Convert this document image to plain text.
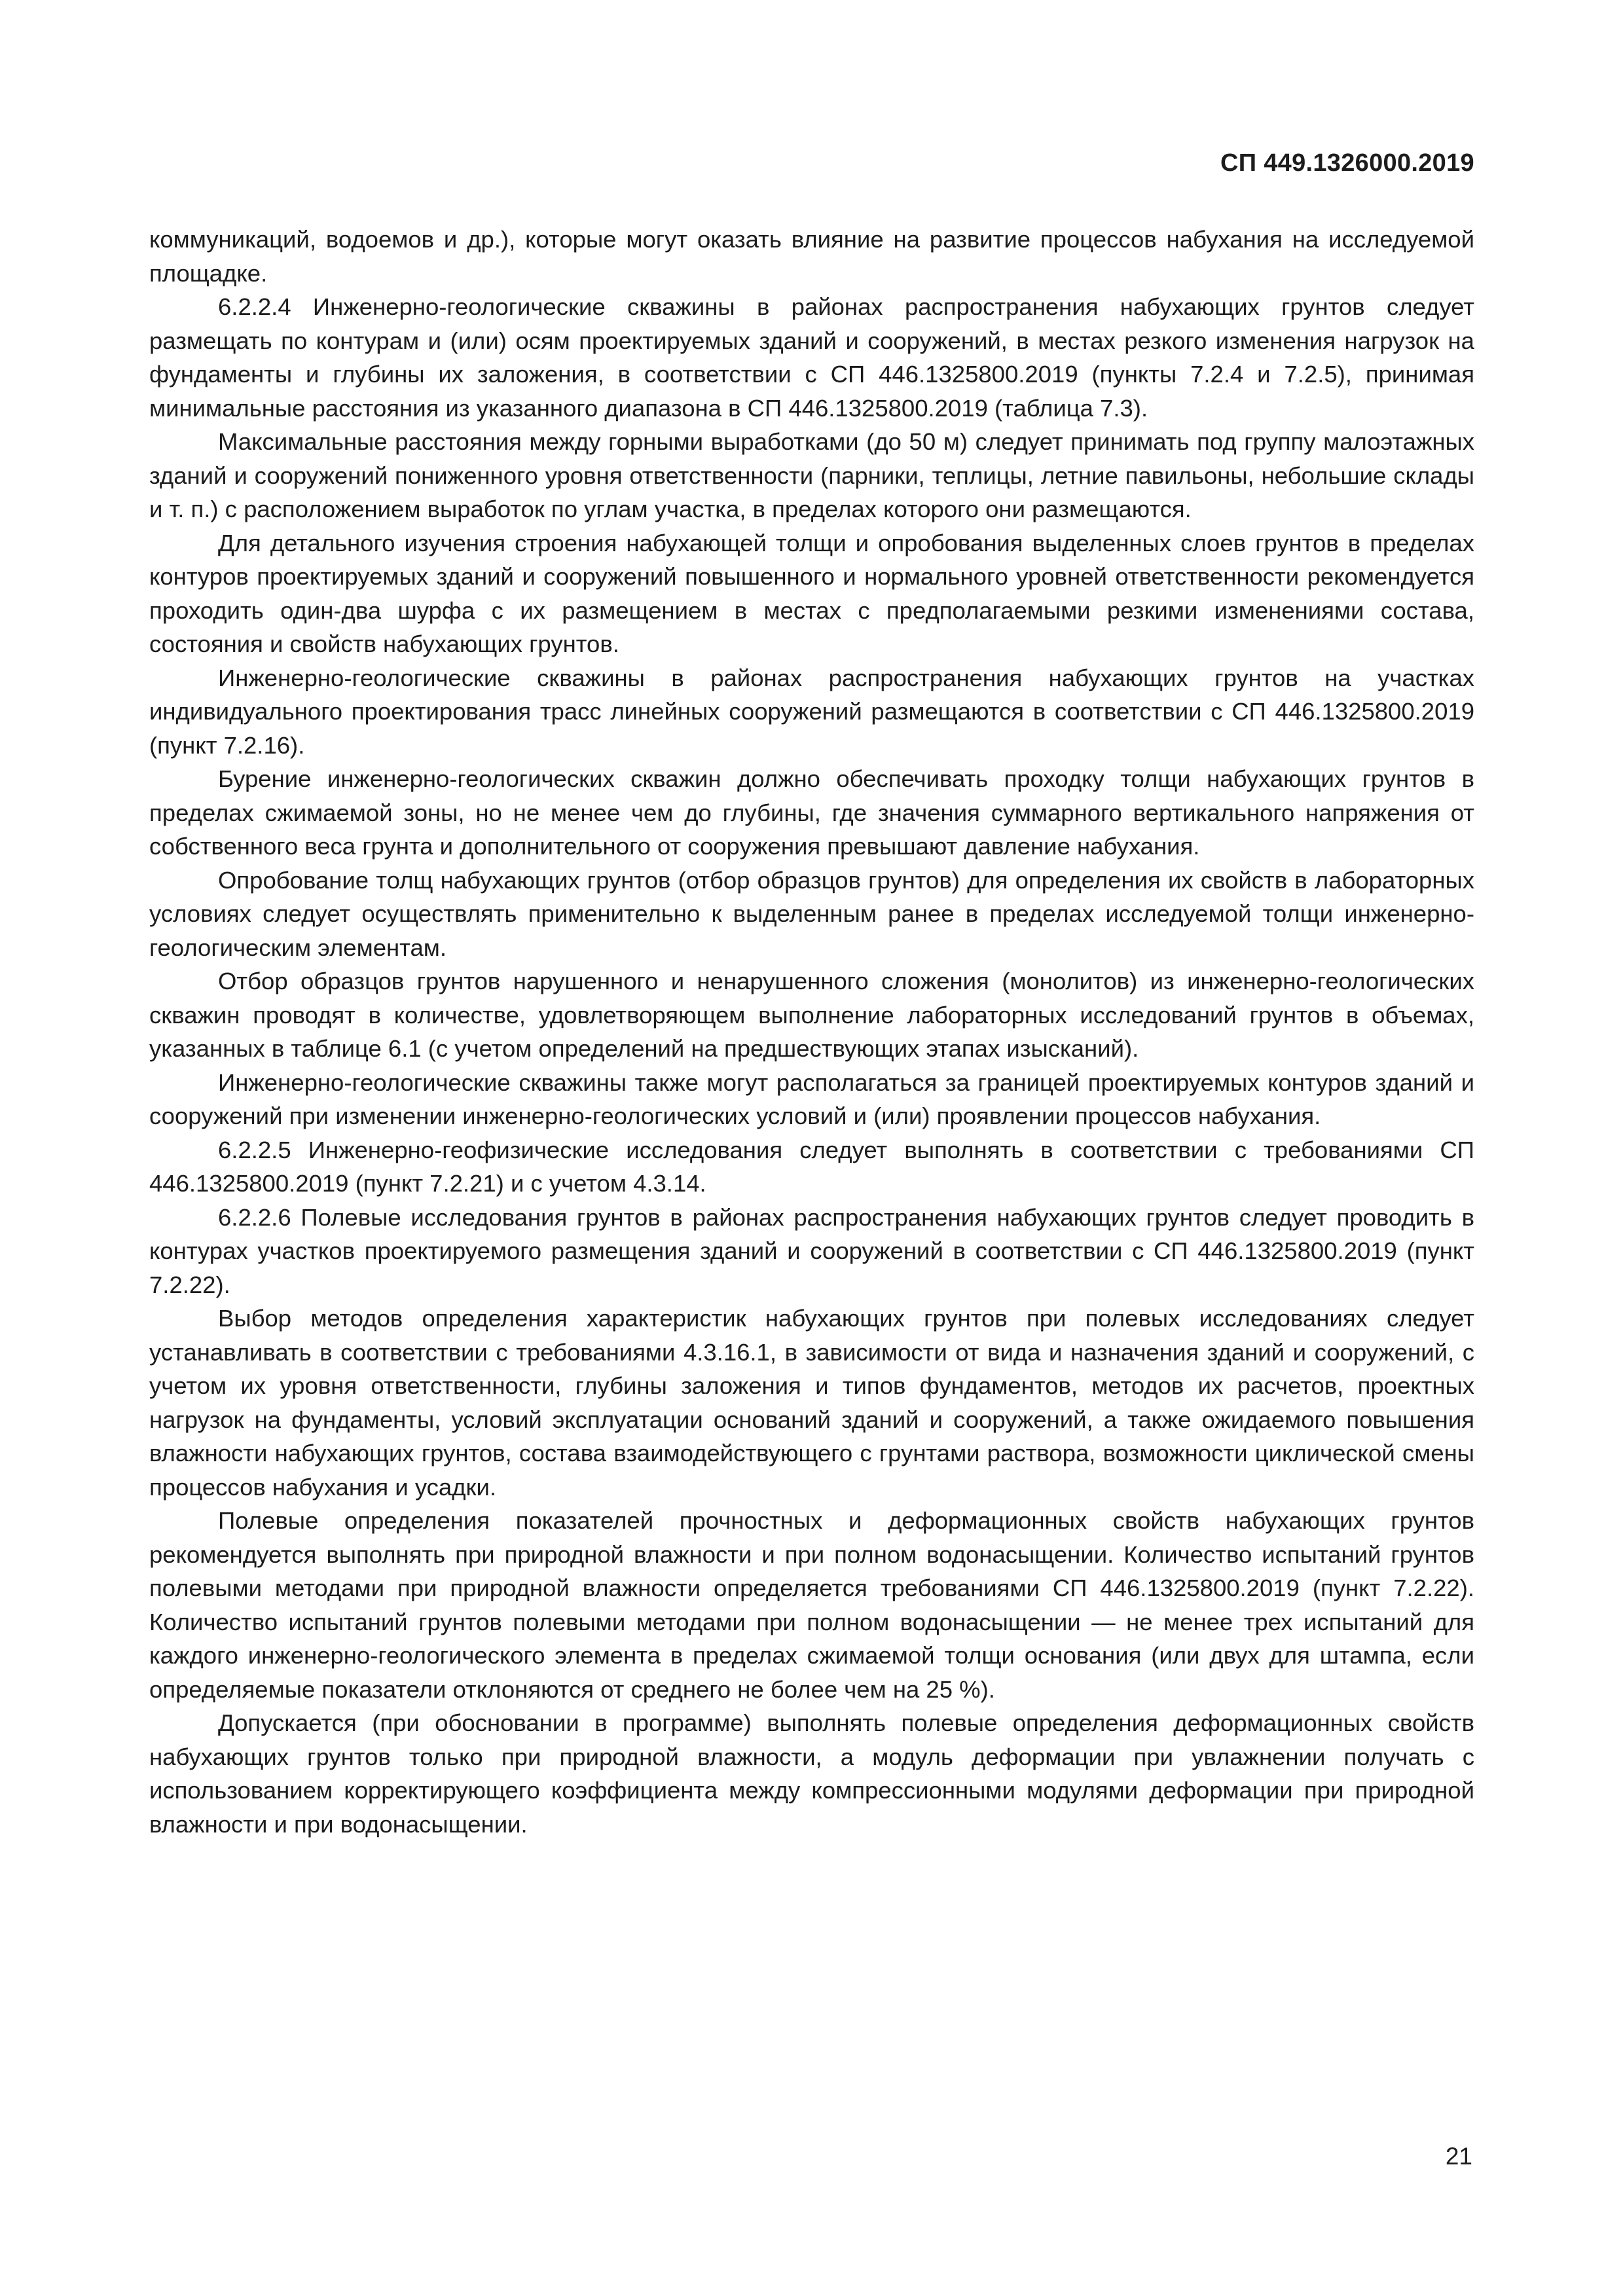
СП 449.1326000.2019

коммуникаций, водоемов и др.), которые могут оказать влияние на развитие процессов набухания на исследуемой площадке.

6.2.2.4 Инженерно-геологические скважины в районах распространения набухающих грунтов следует размещать по контурам и (или) осям проектируемых зданий и сооружений, в местах резкого изменения нагрузок на фундаменты и глубины их заложения, в соответствии с СП 446.1325800.2019 (пункты 7.2.4 и 7.2.5), принимая минимальные расстояния из указанного диапазона в СП 446.1325800.2019 (таблица 7.3).

Максимальные расстояния между горными выработками (до 50 м) следует принимать под группу малоэтажных зданий и сооружений пониженного уровня ответственности (парники, теплицы, летние павильоны, небольшие склады и т. п.) с расположением выработок по углам участка, в пределах которого они размещаются.

Для детального изучения строения набухающей толщи и опробования выделенных слоев грунтов в пределах контуров проектируемых зданий и сооружений повышенного и нормального уровней ответственности рекомендуется проходить один-два шурфа с их размещением в местах с предполагаемыми резкими изменениями состава, состояния и свойств набухающих грунтов.

Инженерно-геологические скважины в районах распространения набухающих грунтов на участках индивидуального проектирования трасс линейных сооружений размещаются в соответствии с СП 446.1325800.2019 (пункт 7.2.16).

Бурение инженерно-геологических скважин должно обеспечивать проходку толщи набухающих грунтов в пределах сжимаемой зоны, но не менее чем до глубины, где значения суммарного вертикального напряжения от собственного веса грунта и дополнительного от сооружения превышают давление набухания.

Опробование толщ набухающих грунтов (отбор образцов грунтов) для определения их свойств в лабораторных условиях следует осуществлять применительно к выделенным ранее в пределах исследуемой толщи инженерно-геологическим элементам.

Отбор образцов грунтов нарушенного и ненарушенного сложения (монолитов) из инженерно-геологических скважин проводят в количестве, удовлетворяющем выполнение лабораторных исследований грунтов в объемах, указанных в таблице 6.1 (с учетом определений на предшествующих этапах изысканий).

Инженерно-геологические скважины также могут располагаться за границей проектируемых контуров зданий и сооружений при изменении инженерно-геологических условий и (или) проявлении процессов набухания.

6.2.2.5 Инженерно-геофизические исследования следует выполнять в соответствии с требованиями СП 446.1325800.2019 (пункт 7.2.21) и с учетом 4.3.14.

6.2.2.6 Полевые исследования грунтов в районах распространения набухающих грунтов следует проводить в контурах участков проектируемого размещения зданий и сооружений в соответствии с СП 446.1325800.2019 (пункт 7.2.22).

Выбор методов определения характеристик набухающих грунтов при полевых исследованиях следует устанавливать в соответствии с требованиями 4.3.16.1, в зависимости от вида и назначения зданий и сооружений, с учетом их уровня ответственности, глубины заложения и типов фундаментов, методов их расчетов, проектных нагрузок на фундаменты, условий эксплуатации оснований зданий и сооружений, а также ожидаемого повышения влажности набухающих грунтов, состава взаимодействующего с грунтами раствора, возможности циклической смены процессов набухания и усадки.

Полевые определения показателей прочностных и деформационных свойств набухающих грунтов рекомендуется выполнять при природной влажности и при полном водонасыщении. Количество испытаний грунтов полевыми методами при природной влажности определяется требованиями СП 446.1325800.2019 (пункт 7.2.22). Количество испытаний грунтов полевыми методами при полном водонасыщении — не менее трех испытаний для каждого инженерно-геологического элемента в пределах сжимаемой толщи основания (или двух для штампа, если определяемые показатели отклоняются от среднего не более чем на 25 %).

Допускается (при обосновании в программе) выполнять полевые определения деформационных свойств набухающих грунтов только при природной влажности, а модуль деформации при увлажнении получать с использованием корректирующего коэффициента между компрессионными модулями деформации при природной влажности и при водонасыщении.

21
